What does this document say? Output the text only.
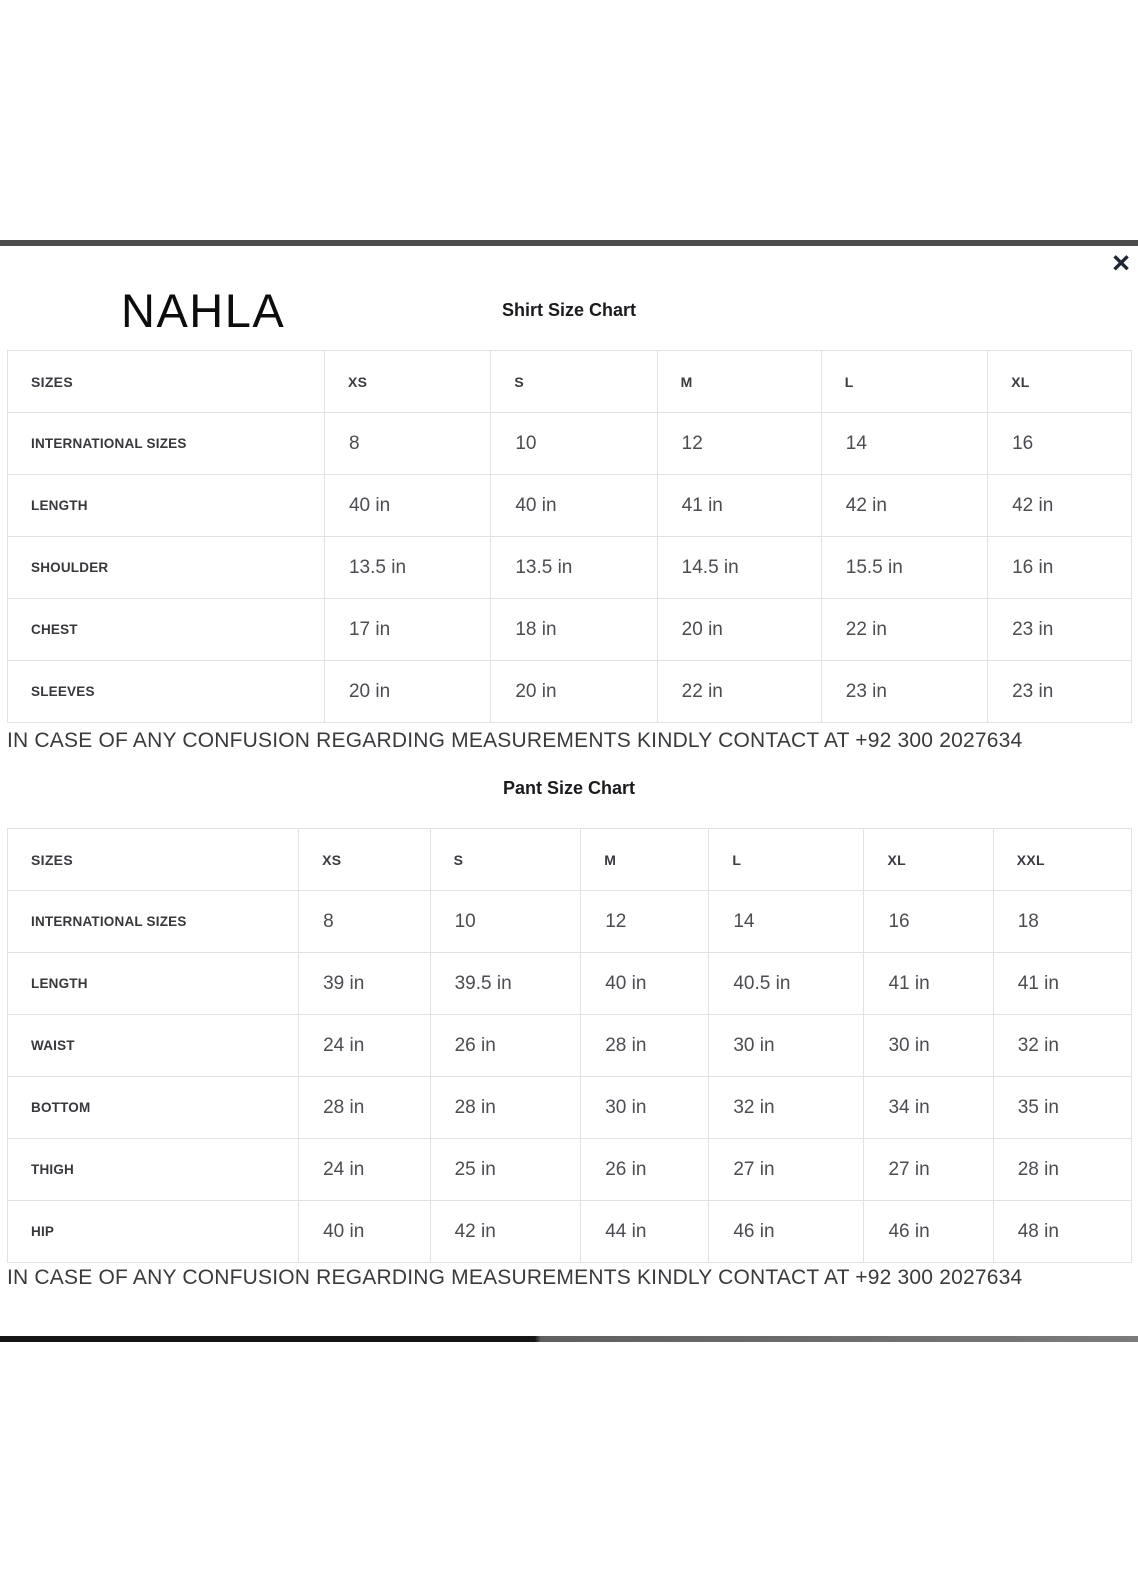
×
NAHLA	Shirt Size Chart
SIZES	XS	S	M	L	XL
INTERNATIONAL SIZES	8	10	12	14	16
LENGTH	40 in	40 in	41 in	42 in	42 in
SHOULDER	13.5 in	13.5 in	14.5 in	15.5 in	16 in
CHEST	17 in	18 in	20 in	22 in	23 in
SLEEVES	20 in	20 in	22 in	23 in	23 in
IN CASE OF ANY CONFUSION REGARDING MEASUREMENTS KINDLY CONTACT AT +92 300 2027634
Pant Size Chart
SIZES	XS	S	M	L	XL	XXL
INTERNATIONAL SIZES	8	10	12	14	16	18
LENGTH	39 in	39.5 in	40 in	40.5 in	41 in	41 in
WAIST	24 in	26 in	28 in	30 in	30 in	32 in
BOTTOM	28 in	28 in	30 in	32 in	34 in	35 in
THIGH	24 in	25 in	26 in	27 in	27 in	28 in
HIP	40 in	42 in	44 in	46 in	46 in	48 in
IN CASE OF ANY CONFUSION REGARDING MEASUREMENTS KINDLY CONTACT AT +92 300 2027634
